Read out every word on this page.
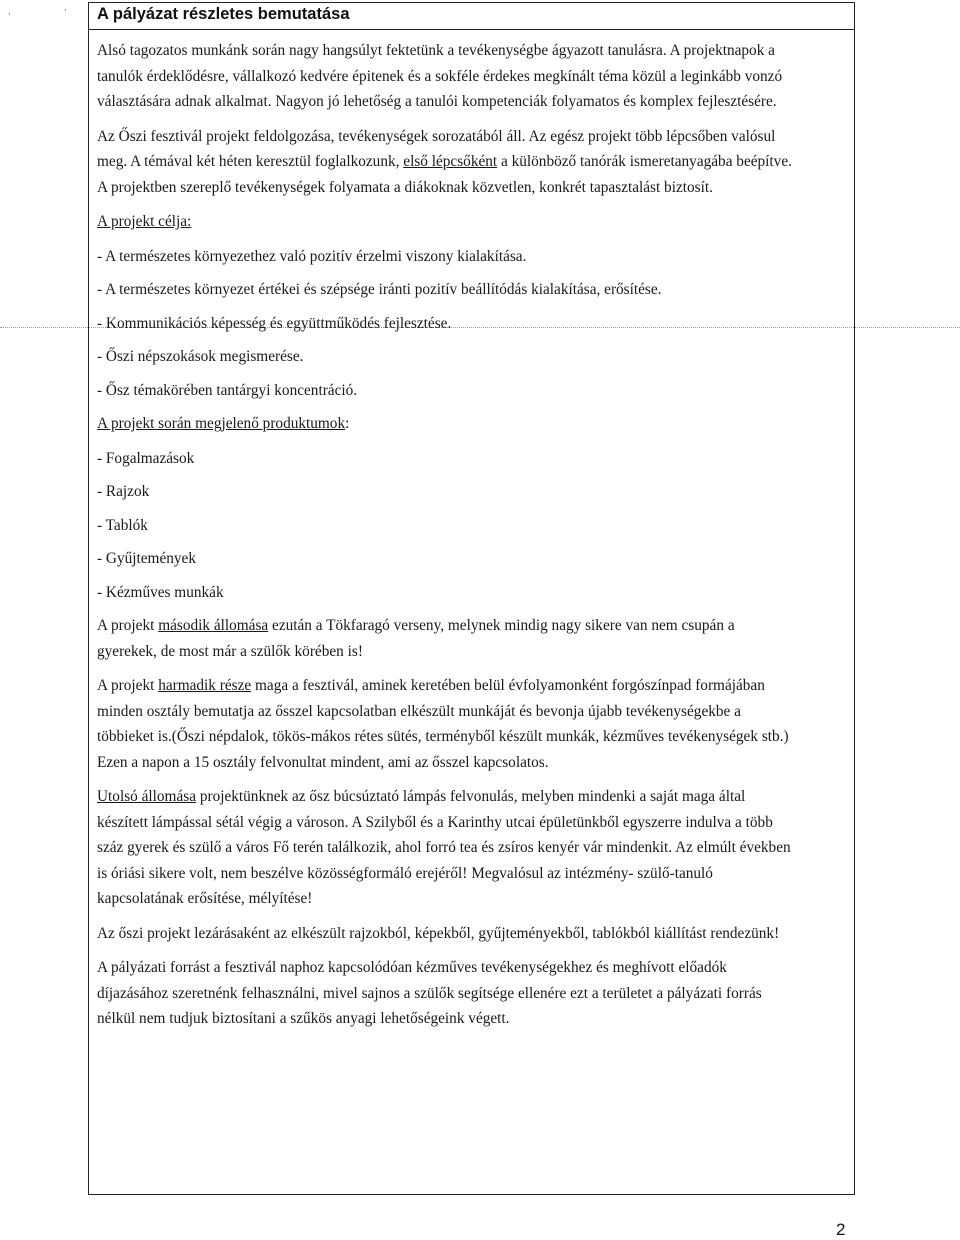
,	, A pályázat részletes bemutatása

Alsó tagozatos munkánk során nagy hangsúlyt fektetünk a tevékenységbe ágyazott tanulásra. A projektnapok a tanulók érdeklődésre, vállalkozó kedvére épitenek és a sokféle érdekes megkínált téma közül a leginkább vonzó választására adnak alkalmat. Nagyon jó lehetőség a tanulói kompetenciák folyamatos és komplex fejlesztésére.

Az Őszi fesztivál projekt feldolgozása, tevékenységek sorozatából áll. Az egész projekt több lépcsőben valósul meg. A témával két héten keresztül foglalkozunk, első lépcsőként a különböző tanórák ismeretanyagába beépítve. A projektben szereplő tevékenységek folyamata a diákoknak közvetlen, konkrét tapasztalást biztosít.

A projekt célja:

- A természetes környezethez való pozitív érzelmi viszony kialakítása.

- A természetes környezet értékei és szépsége iránti pozitív beállítódás kialakítása, erősítése.

- Kommunikációs képesség és együttműködés fejlesztése.

- Őszi népszokások megismerése.

- Ősz témakörében tantárgyi koncentráció.

A projekt során megjelenő produktumok:

- Fogalmazások

- Rajzok

- Tablók

- Gyűjtemények

- Kézműves munkák

A projekt második állomása ezután a Tökfaragó verseny, melynek mindig nagy sikere van nem csupán a gyerekek, de most már a szülők körében is!

A projekt harmadik része maga a fesztivál, aminek keretében belül évfolyamonként forgószínpad formájában minden osztály bemutatja az ősszel kapcsolatban elkészült munkáját és bevonja újabb tevékenységekbe a többieket is.(Őszi népdalok, tökös-mákos rétes sütés, terményből készült munkák, kézműves tevékenységek stb.) Ezen a napon a 15 osztály felvonultat mindent, ami az ősszel kapcsolatos.

Utolsó állomása projektünknek az ősz búcsúztató lámpás felvonulás, melyben mindenki a saját maga által készített lámpással sétál végig a városon. A Szilyből és a Karinthy utcai épületünkből egyszerre indulva a több száz gyerek és szülő a város Fő terén találkozik, ahol forró tea és zsíros kenyér vár mindenkit. Az elmúlt években is óriási sikere volt, nem beszélve közösségformáló erejéről! Megvalósul az intézmény- szülő-tanuló kapcsolatának erősítése, mélyítése!

Az őszi projekt lezárásaként az elkészült rajzokból, képekből, gyűjteményekből, tablókból kiállítást rendezünk!

A pályázati forrást a fesztivál naphoz kapcsolódóan kézműves tevékenységekhez és meghívott előadók díjazásához szeretnénk felhasználni, mivel sajnos a szülők segítsége ellenére ezt a területet a pályázati forrás nélkül nem tudjuk biztosítani a szűkös anyagi lehetőségeink végett.

2
